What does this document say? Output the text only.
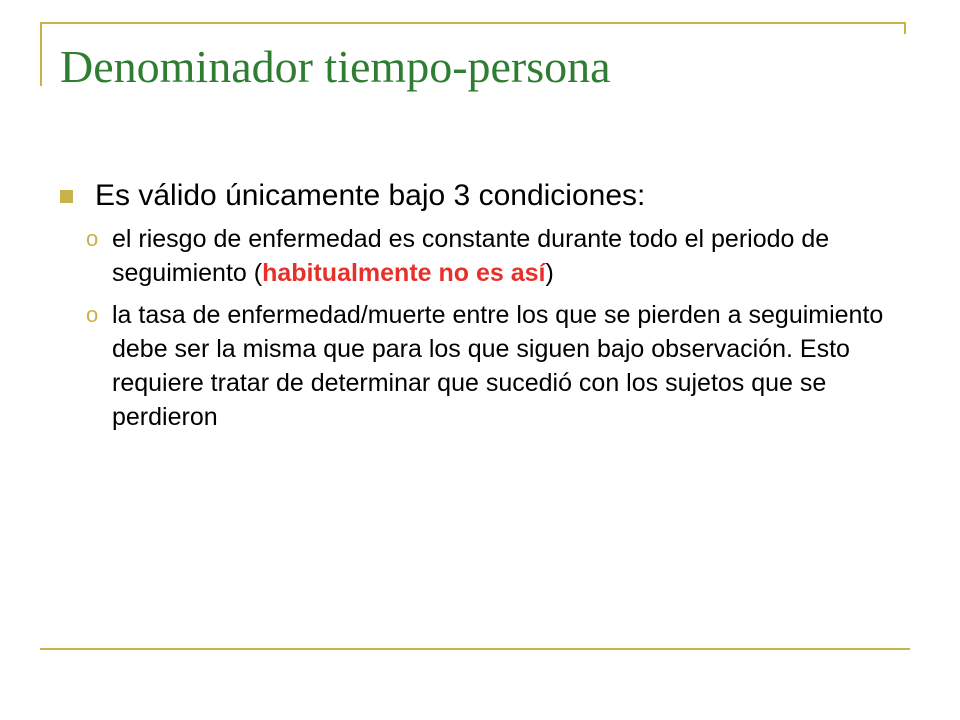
Denominador tiempo-persona
Es válido únicamente bajo 3 condiciones:
o el riesgo de enfermedad es constante durante todo el periodo de seguimiento (habitualmente no es así)
o la tasa de enfermedad/muerte entre los que se pierden a seguimiento debe ser la misma que para los que siguen bajo observación. Esto requiere tratar de determinar que sucedió con los sujetos que se perdieron
